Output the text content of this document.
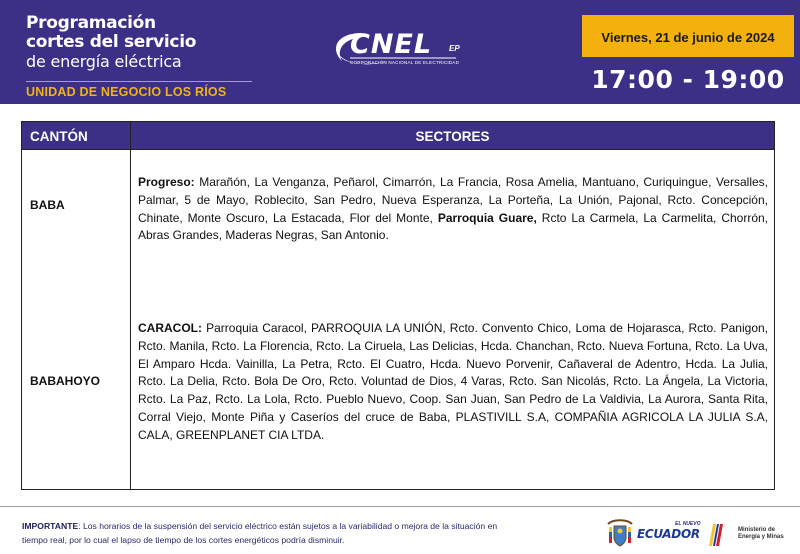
Programación
cortes del servicio
de energía eléctrica
UNIDAD DE NEGOCIO LOS RÍOS
CNEL EP
CORPORACIÓN NACIONAL DE ELECTRICIDAD
Viernes, 21 de junio de 2024
17:00 - 19:00
CANTÓN	SECTORES
BABA
Progreso: Marañón, La Venganza, Peñarol, Cimarrón, La Francia, Rosa Amelia, Mantuano, Curiquingue, Versalles, Palmar, 5 de Mayo, Roblecito, San Pedro, Nueva Esperanza, La Porteña, La Unión, Pajonal, Rcto. Concepción, Chinate, Monte Oscuro, La Estacada, Flor del Monte, Parroquia Guare, Rcto La Carmela, La Carmelita, Chorrón, Abras Grandes, Maderas Negras, San Antonio.
BABAHOYO
CARACOL: Parroquia Caracol, PARROQUIA LA UNIÓN, Rcto. Convento Chico, Loma de Hojarasca, Rcto. Panigon, Rcto. Manila, Rcto. La Florencia, Rcto. La Ciruela, Las Delicias, Hcda. Chanchan, Rcto. Nueva Fortuna, Rcto. La Uva, El Amparo Hcda. Vainilla, La Petra, Rcto. El Cuatro, Hcda. Nuevo Porvenir, Cañaveral de Adentro, Hcda. La Julia, Rcto. La Delia, Rcto. Bola De Oro, Rcto. Voluntad de Dios, 4 Varas, Rcto. San Nicolás, Rcto. La Ángela, La Victoria, Rcto. La Paz, Rcto. La Lola, Rcto. Pueblo Nuevo, Coop. San Juan, San Pedro de La Valdivia, La Aurora, Santa Rita, Corral Viejo, Monte Piña y Caseríos del cruce de Baba, PLASTIVILL S.A, COMPAÑIA AGRICOLA LA JULIA S.A, CALA, GREENPLANET CIA LTDA.
IMPORTANTE: Los horarios de la suspensión del servicio eléctrico están sujetos a la variabilidad o mejora de la situación en tiempo real, por lo cual el lapso de tiempo de los cortes energéticos podría disminuir.
EL NUEVO
ECUADOR	Ministerio de
Energía y Minas
